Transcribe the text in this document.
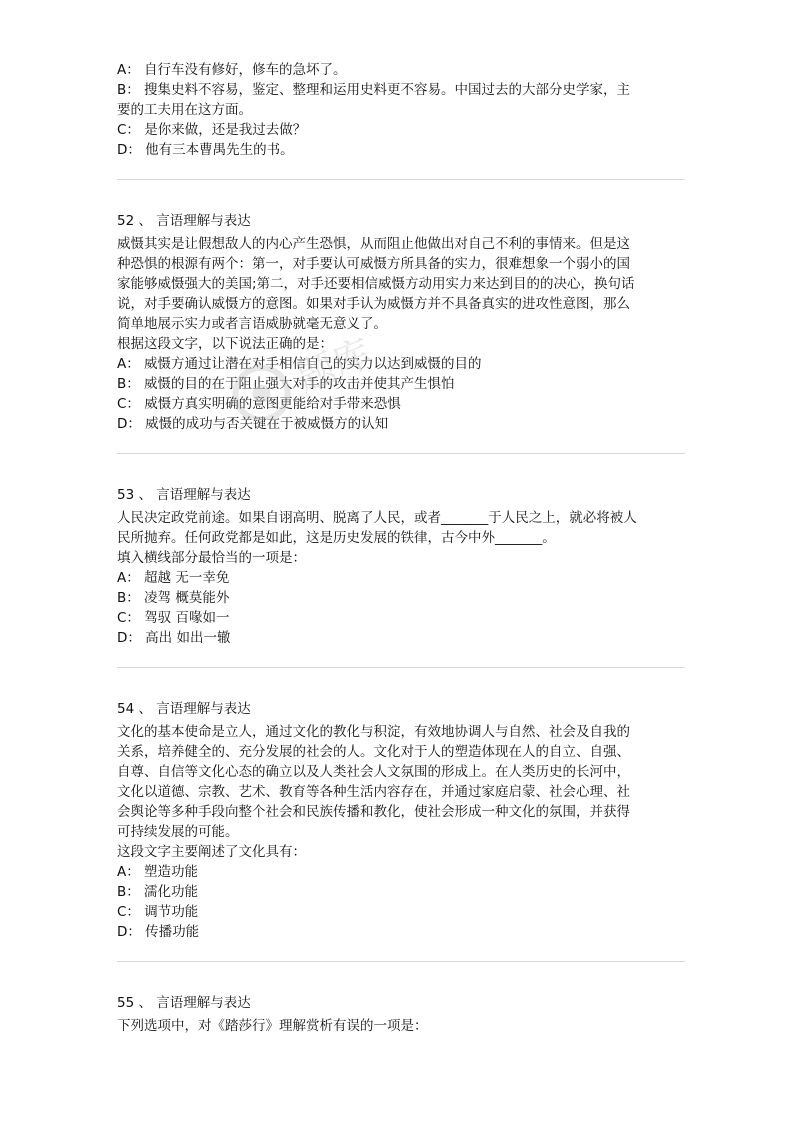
A： 自行车没有修好，修车的急坏了。
B： 搜集史料不容易，鉴定、整理和运用史料更不容易。中国过去的大部分史学家，主
要的工夫用在这方面。
C： 是你来做，还是我过去做？
D： 他有三本曹禺先生的书。
52 、 言语理解与表达
威慑其实是让假想敌人的内心产生恐惧，从而阻止他做出对自己不利的事情来。但是这
种恐惧的根源有两个：第一，对手要认可威慑方所具备的实力，很难想象一个弱小的国
家能够威慑强大的美国;第二，对手还要相信威慑方动用实力来达到目的的决心，换句话
说，对手要确认威慑方的意图。如果对手认为威慑方并不具备真实的进攻性意图，那么
简单地展示实力或者言语威胁就毫无意义了。
根据这段文字，以下说法正确的是：
A： 威慑方通过让潜在对手相信自己的实力以达到威慑的目的
B： 威慑的目的在于阻止强大对手的攻击并使其产生惧怕
C： 威慑方真实明确的意图更能给对手带来恐惧
D： 威慑的成功与否关键在于被威慑方的认知
53 、 言语理解与表达
人民决定政党前途。如果自诩高明、脱离了人民，或者_______于人民之上，就必将被人
民所抛弃。任何政党都是如此，这是历史发展的铁律，古今中外_______。
填入横线部分最恰当的一项是：
A： 超越 无一幸免
B： 凌驾 概莫能外
C： 驾驭 百喙如一
D： 高出 如出一辙
54 、 言语理解与表达
文化的基本使命是立人，通过文化的教化与积淀，有效地协调人与自然、社会及自我的
关系，培养健全的、充分发展的社会的人。文化对于人的塑造体现在人的自立、自强、
自尊、自信等文化心态的确立以及人类社会人文氛围的形成上。在人类历史的长河中，
文化以道德、宗教、艺术、教育等各种生活内容存在，并通过家庭启蒙、社会心理、社
会舆论等多种手段向整个社会和民族传播和教化，使社会形成一种文化的氛围，并获得
可持续发展的可能。
这段文字主要阐述了文化具有：
A： 塑造功能
B： 濡化功能
C： 调节功能
D： 传播功能
55 、 言语理解与表达
下列选项中，对《踏莎行》理解赏析有误的一项是：
题库
